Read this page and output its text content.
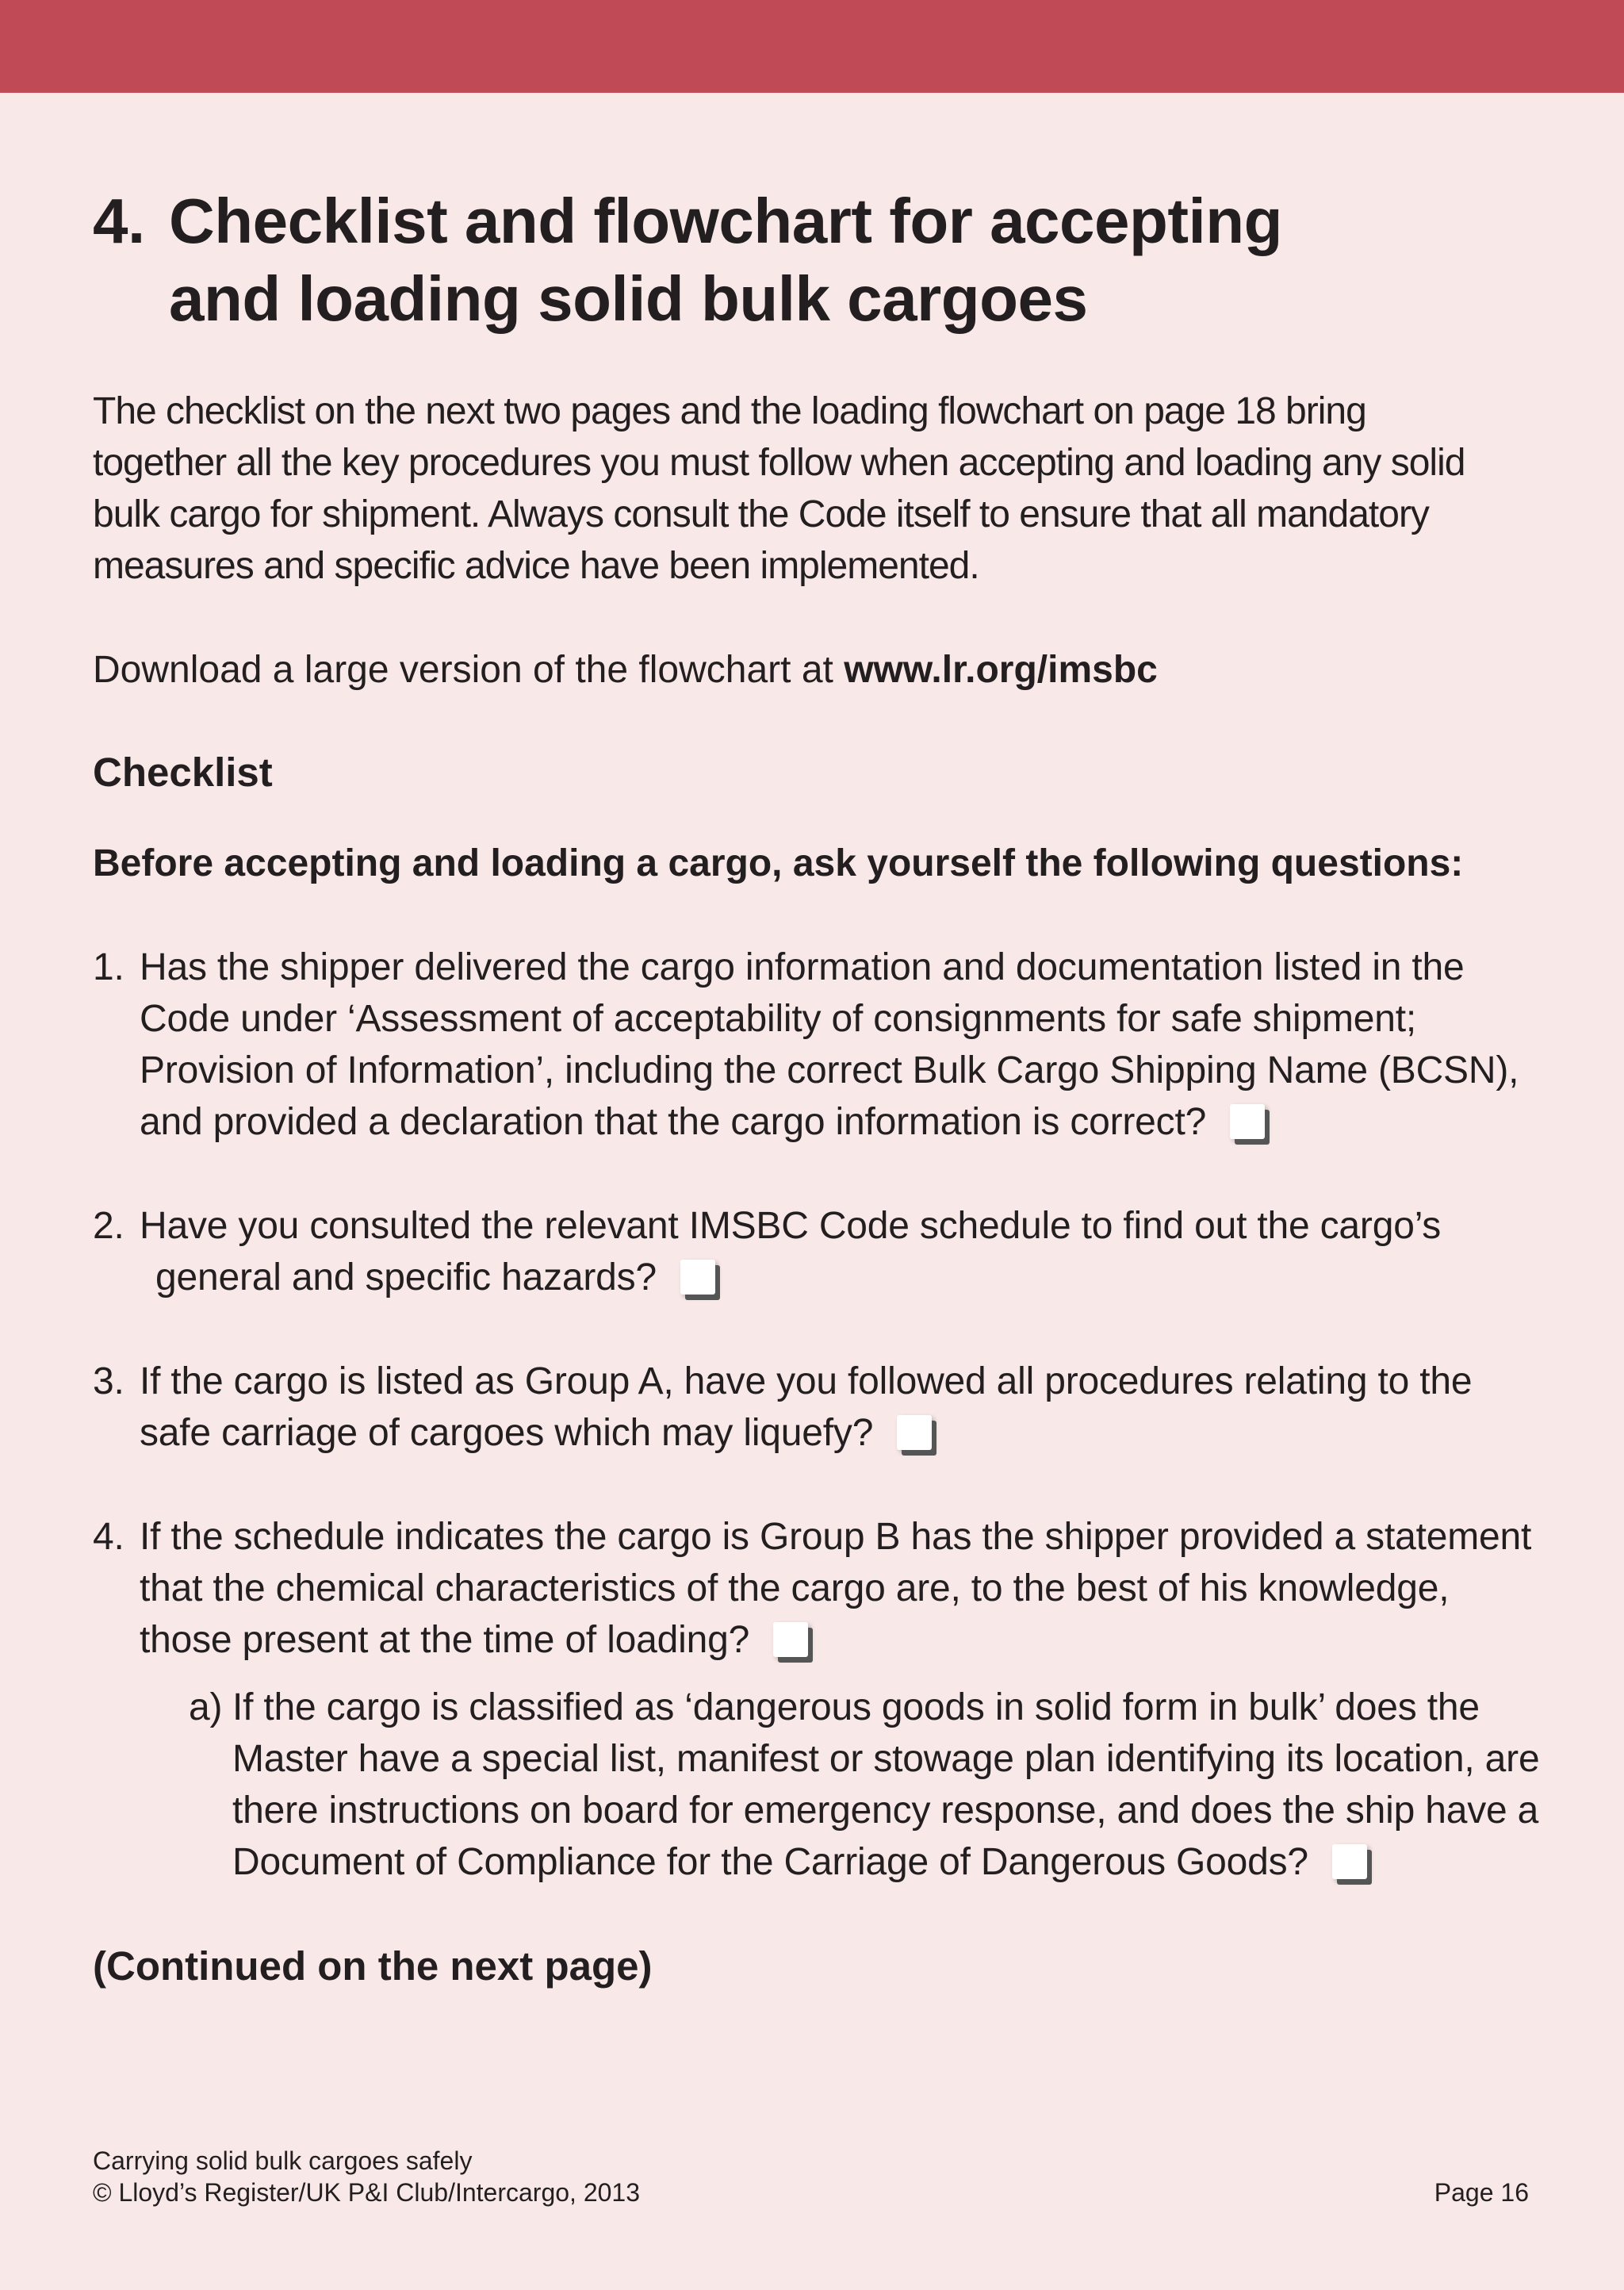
4. Checklist and flowchart for accepting
and loading solid bulk cargoes

The checklist on the next two pages and the loading flowchart on page 18 bring together all the key procedures you must follow when accepting and loading any solid bulk cargo for shipment. Always consult the Code itself to ensure that all mandatory measures and specific advice have been implemented.

Download a large version of the flowchart at www.lr.org/imsbc

Checklist

Before accepting and loading a cargo, ask yourself the following questions:

1. Has the shipper delivered the cargo information and documentation listed in the Code under ‘Assessment of acceptability of consignments for safe shipment; Provision of Information’, including the correct Bulk Cargo Shipping Name (BCSN), and provided a declaration that the cargo information is correct?
2. Have you consulted the relevant IMSBC Code schedule to find out the cargo’s
general and specific hazards?
3. If the cargo is listed as Group A, have you followed all procedures relating to the safe carriage of cargoes which may liquefy?
4. If the schedule indicates the cargo is Group B has the shipper provided a statement that the chemical characteristics of the cargo are, to the best of his knowledge, those present at the time of loading?
a) If the cargo is classified as ‘dangerous goods in solid form in bulk’ does the Master have a special list, manifest or stowage plan identifying its location, are there instructions on board for emergency response, and does the ship have a Document of Compliance for the Carriage of Dangerous Goods?

(Continued on the next page)

Carrying solid bulk cargoes safely
© Lloyd’s Register/UK P&I Club/Intercargo, 2013	Page 16
